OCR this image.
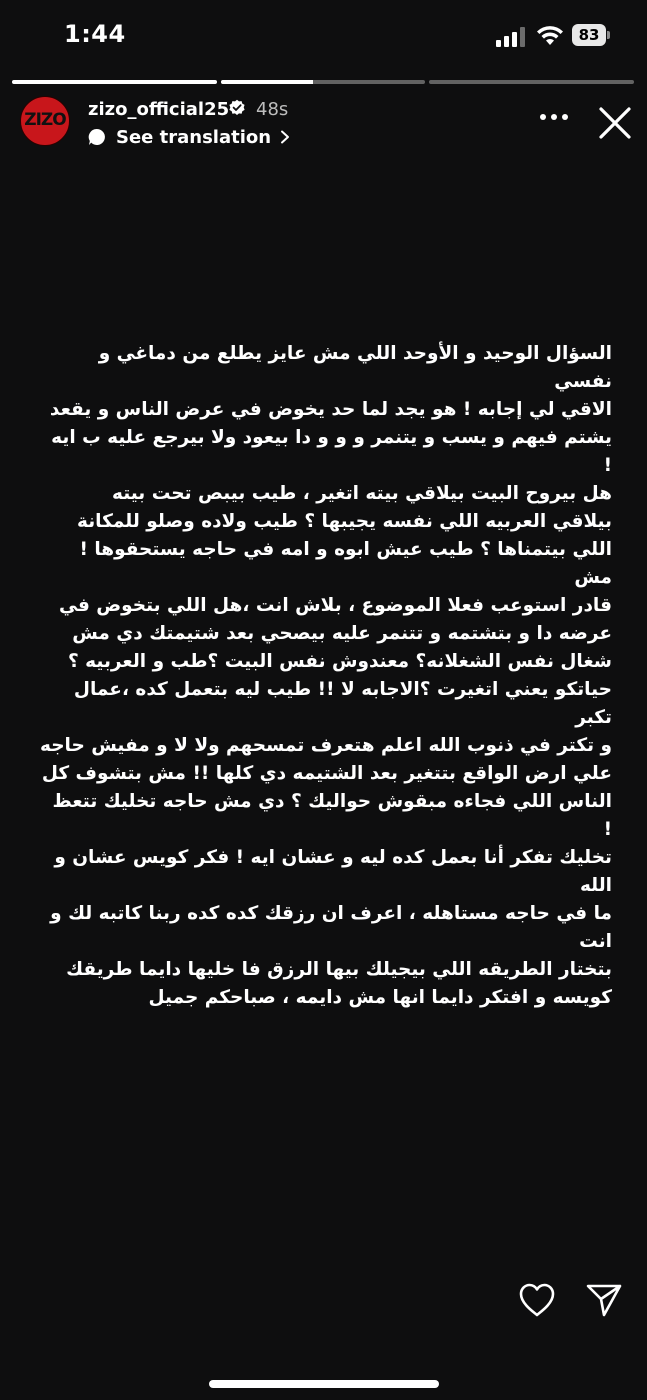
1:44	83
ZIZO zizo_official25 48s
See translation
السؤال الوحيد و الأوحد اللي مش عايز يطلع من دماغي و نفسي
الاقي لي إجابه ! هو يجد لما حد يخوض في عرض الناس و يقعد
يشتم فيهم و يسب و يتنمر و و و دا بيعود ولا بيرجع عليه ب ايه !
هل بيروح البيت بيلاقي بيته اتغير ، طيب بيبص تحت بيته
بيلاقي العربيه اللي نفسه يجيبها ؟ طيب ولاده وصلو للمكانة
اللي بيتمناها ؟ طيب عيش ابوه و امه في حاجه يستحقوها ! مش
قادر استوعب فعلا الموضوع ، بلاش انت ،هل اللي بتخوض في
عرضه دا و بتشتمه و تتنمر عليه بيصحي بعد شتيمتك دي مش
شغال نفس الشغلانه؟ معندوش نفس البيت ؟طب و العربيه ؟
حياتكو يعني اتغيرت ؟الاجابه لا !! طيب ليه بتعمل كده ،عمال تكبر
و تكتر في ذنوب الله اعلم هتعرف تمسحهم ولا لا و مفيش حاجه
علي ارض الواقع بتتغير بعد الشتيمه دي كلها !! مش بتشوف كل
الناس اللي فجاءه مبقوش حواليك ؟ دي مش حاجه تخليك تتعظ !
تخليك تفكر أنا بعمل كده ليه و عشان ايه ! فكر كويس عشان و الله
ما في حاجه مستاهله ، اعرف ان رزقك كده كده ربنا كاتبه لك و انت
بتختار الطريقه اللي بيجيلك بيها الرزق فا خليها دايما طريقك
كويسه و افتكر دايما انها مش دايمه ، صباحكم جميل
